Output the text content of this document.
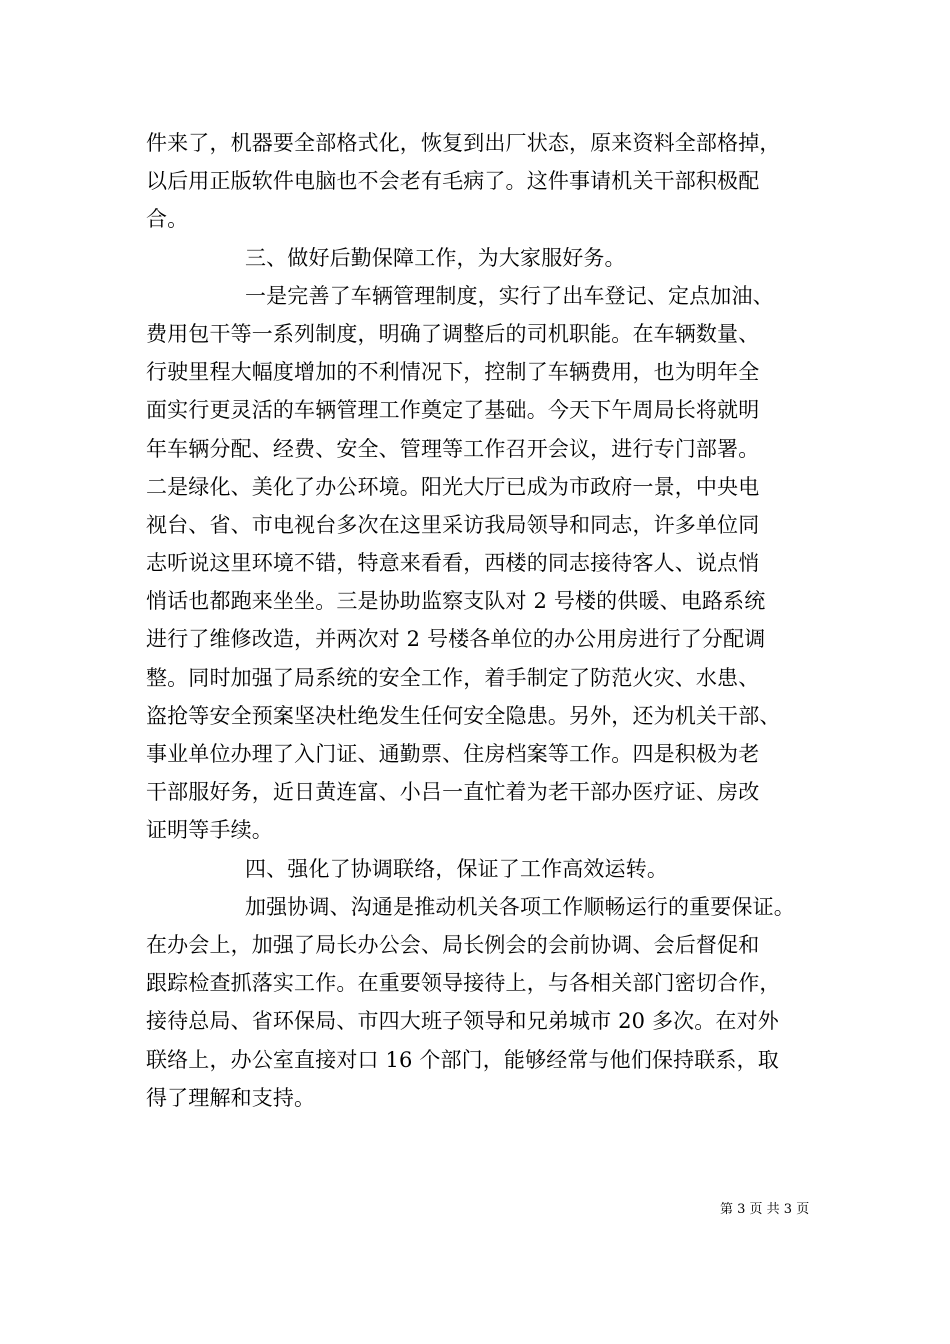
件来了，机器要全部格式化，恢复到出厂状态，原来资料全部格掉，
以后用正版软件电脑也不会老有毛病了。这件事请机关干部积极配
合。
三、做好后勤保障工作，为大家服好务。
一是完善了车辆管理制度，实行了出车登记、定点加油、
费用包干等一系列制度，明确了调整后的司机职能。在车辆数量、
行驶里程大幅度增加的不利情况下，控制了车辆费用，也为明年全
面实行更灵活的车辆管理工作奠定了基础。今天下午周局长将就明
年车辆分配、经费、安全、管理等工作召开会议，进行专门部署。
二是绿化、美化了办公环境。阳光大厅已成为市政府一景，中央电
视台、省、市电视台多次在这里采访我局领导和同志，许多单位同
志听说这里环境不错，特意来看看，西楼的同志接待客人、说点悄
悄话也都跑来坐坐。三是协助监察支队对 2 号楼的供暖、电路系统
进行了维修改造，并两次对 2 号楼各单位的办公用房进行了分配调
整。同时加强了局系统的安全工作，着手制定了防范火灾、水患、
盗抢等安全预案坚决杜绝发生任何安全隐患。另外，还为机关干部、
事业单位办理了入门证、通勤票、住房档案等工作。四是积极为老
干部服好务，近日黄连富、小吕一直忙着为老干部办医疗证、房改
证明等手续。
四、强化了协调联络，保证了工作高效运转。
加强协调、沟通是推动机关各项工作顺畅运行的重要保证。
在办会上，加强了局长办公会、局长例会的会前协调、会后督促和
跟踪检查抓落实工作。在重要领导接待上，与各相关部门密切合作，
接待总局、省环保局、市四大班子领导和兄弟城市 20 多次。在对外
联络上，办公室直接对口 16 个部门，能够经常与他们保持联系，取
得了理解和支持。
第 3 页 共 3 页
